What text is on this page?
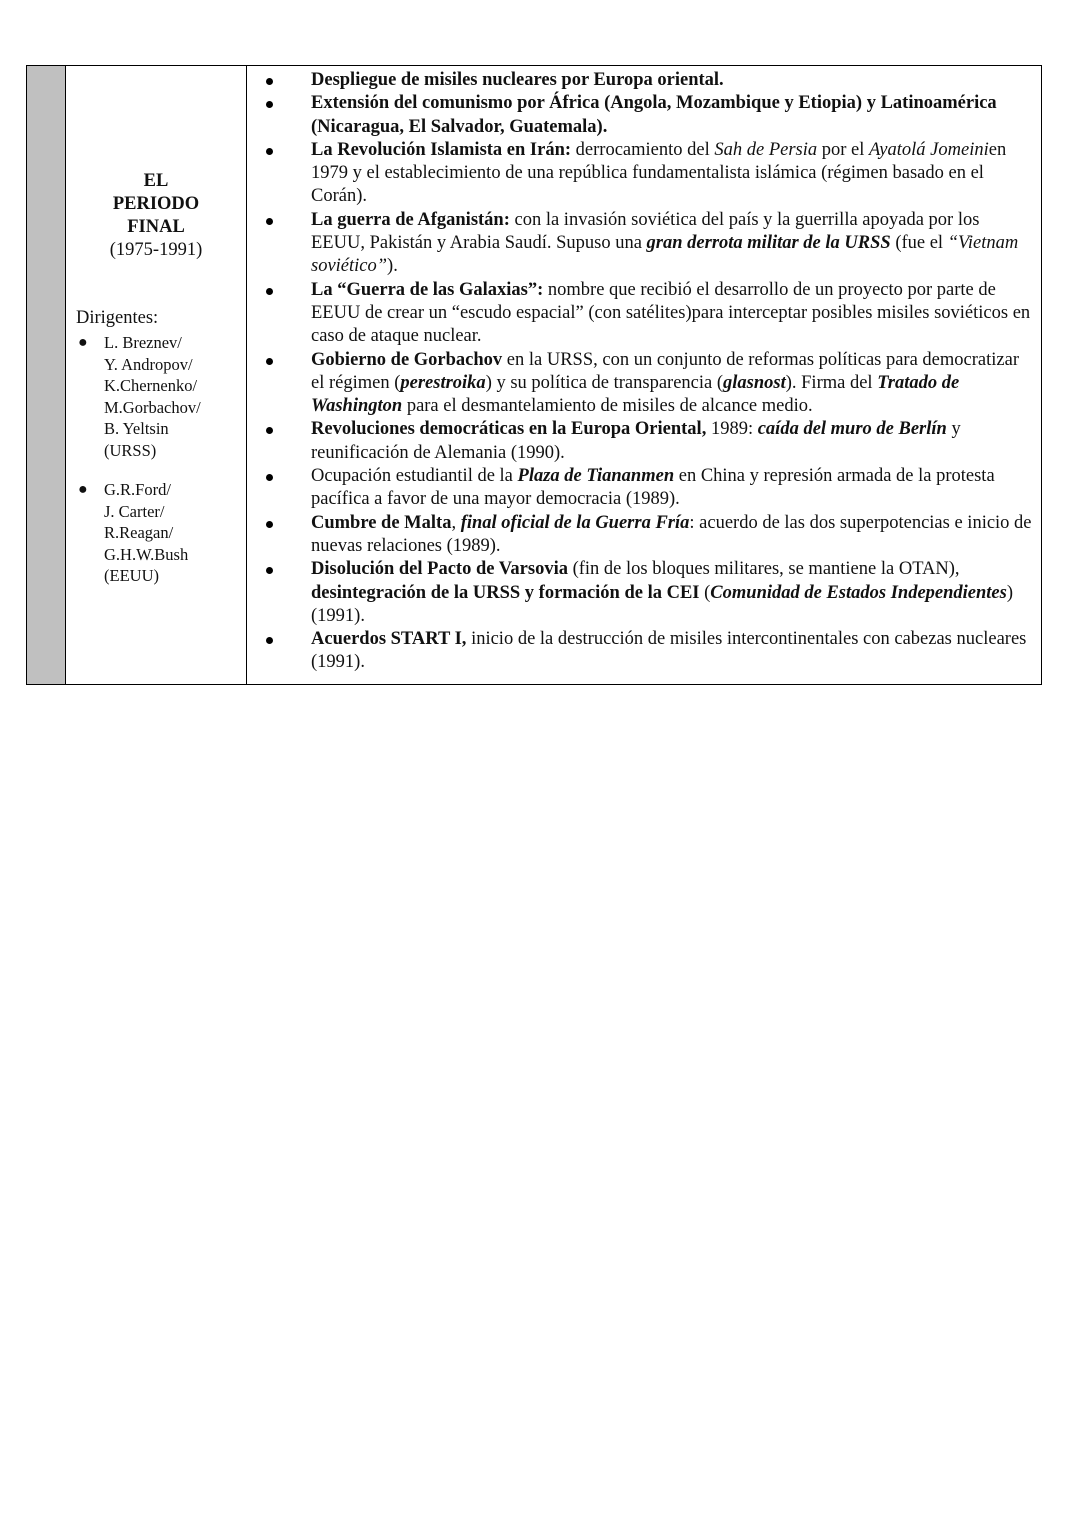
EL
PERIODO
FINAL
(1975-1991)
Dirigentes:
● L. Breznev/
Y. Andropov/
K.Chernenko/
M.Gorbachov/
B. Yeltsin
(URSS)
● G.R.Ford/
J. Carter/
R.Reagan/
G.H.W.Bush
(EEUU)
Despliegue de misiles nucleares por Europa oriental.
Extensión del comunismo por África (Angola, Mozambique y Etiopia) y Latinoamérica (Nicaragua, El Salvador, Guatemala).
La Revolución Islamista en Irán: derrocamiento del Sah de Persia por el Ayatolá Jomeinien 1979 y el establecimiento de una república fundamentalista islámica (régimen basado en el Corán).
La guerra de Afganistán: con la invasión soviética del país y la guerrilla apoyada por los EEUU, Pakistán y Arabia Saudí. Supuso una gran derrota militar de la URSS (fue el “Vietnam soviético”).
La “Guerra de las Galaxias”: nombre que recibió el desarrollo de un proyecto por parte de EEUU de crear un “escudo espacial” (con satélites)para interceptar posibles misiles soviéticos en caso de ataque nuclear.
Gobierno de Gorbachov en la URSS, con un conjunto de reformas políticas para democratizar el régimen (perestroika) y su política de transparencia (glasnost). Firma del Tratado de Washington para el desmantelamiento de misiles de alcance medio.
Revoluciones democráticas en la Europa Oriental, 1989: caída del muro de Berlín y reunificación de Alemania (1990).
Ocupación estudiantil de la Plaza de Tiananmen en China y represión armada de la protesta pacífica a favor de una mayor democracia (1989).
Cumbre de Malta, final oficial de la Guerra Fría: acuerdo de las dos superpotencias e inicio de nuevas relaciones (1989).
Disolución del Pacto de Varsovia (fin de los bloques militares, se mantiene la OTAN), desintegración de la URSS y formación de la CEI (Comunidad de Estados Independientes) (1991).
Acuerdos START I, inicio de la destrucción de misiles intercontinentales con cabezas nucleares (1991).
